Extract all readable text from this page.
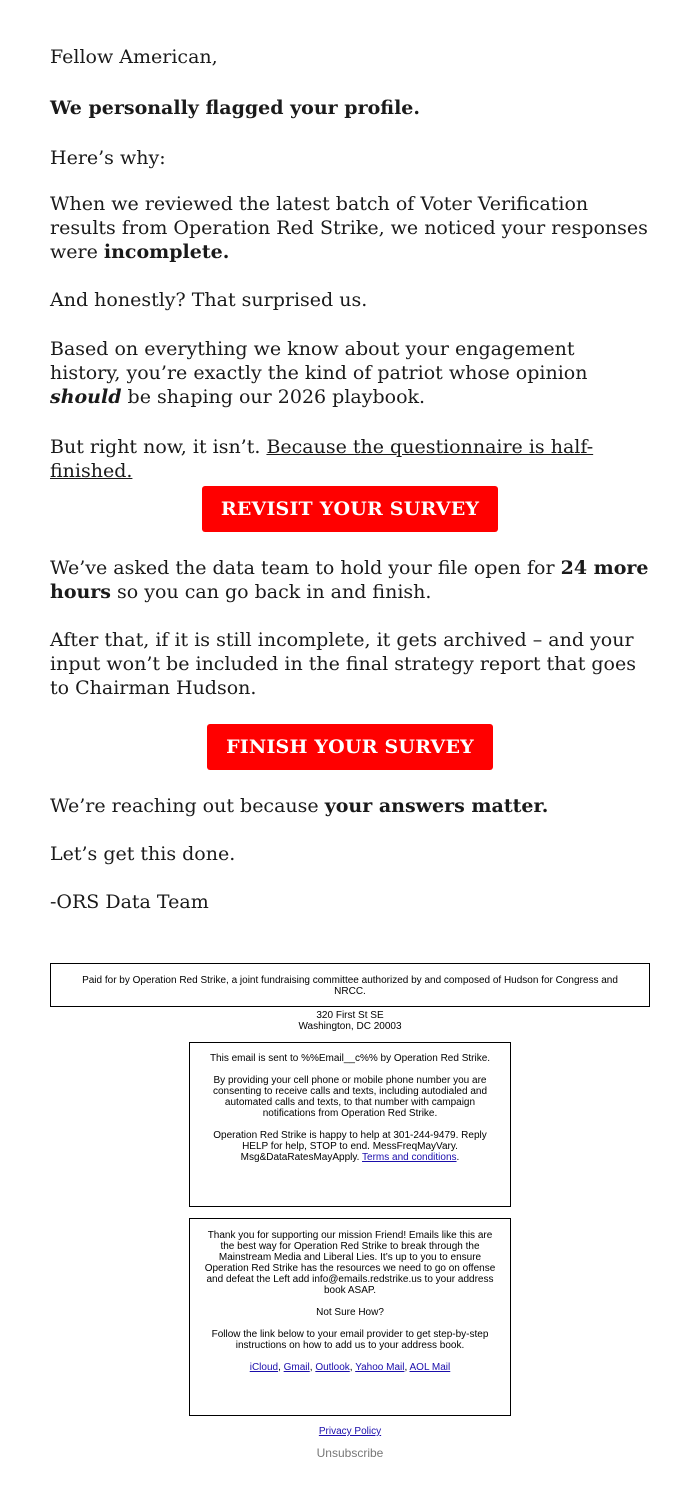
Fellow American,

We personally flagged your profile.

Here’s why:

When we reviewed the latest batch of Voter Verification results from Operation Red Strike, we noticed your responses were incomplete.

And honestly? That surprised us.

Based on everything we know about your engagement history, you’re exactly the kind of patriot whose opinion should be shaping our 2026 playbook.

But right now, it isn’t. Because the questionnaire is half-finished.

REVISIT YOUR SURVEY

We’ve asked the data team to hold your file open for 24 more hours so you can go back in and finish.

After that, if it is still incomplete, it gets archived – and your input won’t be included in the final strategy report that goes to Chairman Hudson.

FINISH YOUR SURVEY

We’re reaching out because your answers matter.

Let’s get this done.

-ORS Data Team

Paid for by Operation Red Strike, a joint fundraising committee authorized by and composed of Hudson for Congress and NRCC.

320 First St SE

Washington, DC 20003

This email is sent to %%Email__c%% by Operation Red Strike.

By providing your cell phone or mobile phone number you are consenting to receive calls and texts, including autodialed and automated calls and texts, to that number with campaign notifications from Operation Red Strike.

Operation Red Strike is happy to help at 301-244-9479. Reply HELP for help, STOP to end. MessFreqMayVary. Msg&DataRatesMayApply. Terms and conditions.

Thank you for supporting our mission Friend! Emails like this are the best way for Operation Red Strike to break through the Mainstream Media and Liberal Lies. It’s up to you to ensure Operation Red Strike has the resources we need to go on offense and defeat the Left add info@emails.redstrike.us to your address book ASAP.

Not Sure How?

Follow the link below to your email provider to get step-by-step instructions on how to add us to your address book.

iCloud, Gmail, Outlook, Yahoo Mail, AOL Mail

Privacy Policy
Unsubscribe
